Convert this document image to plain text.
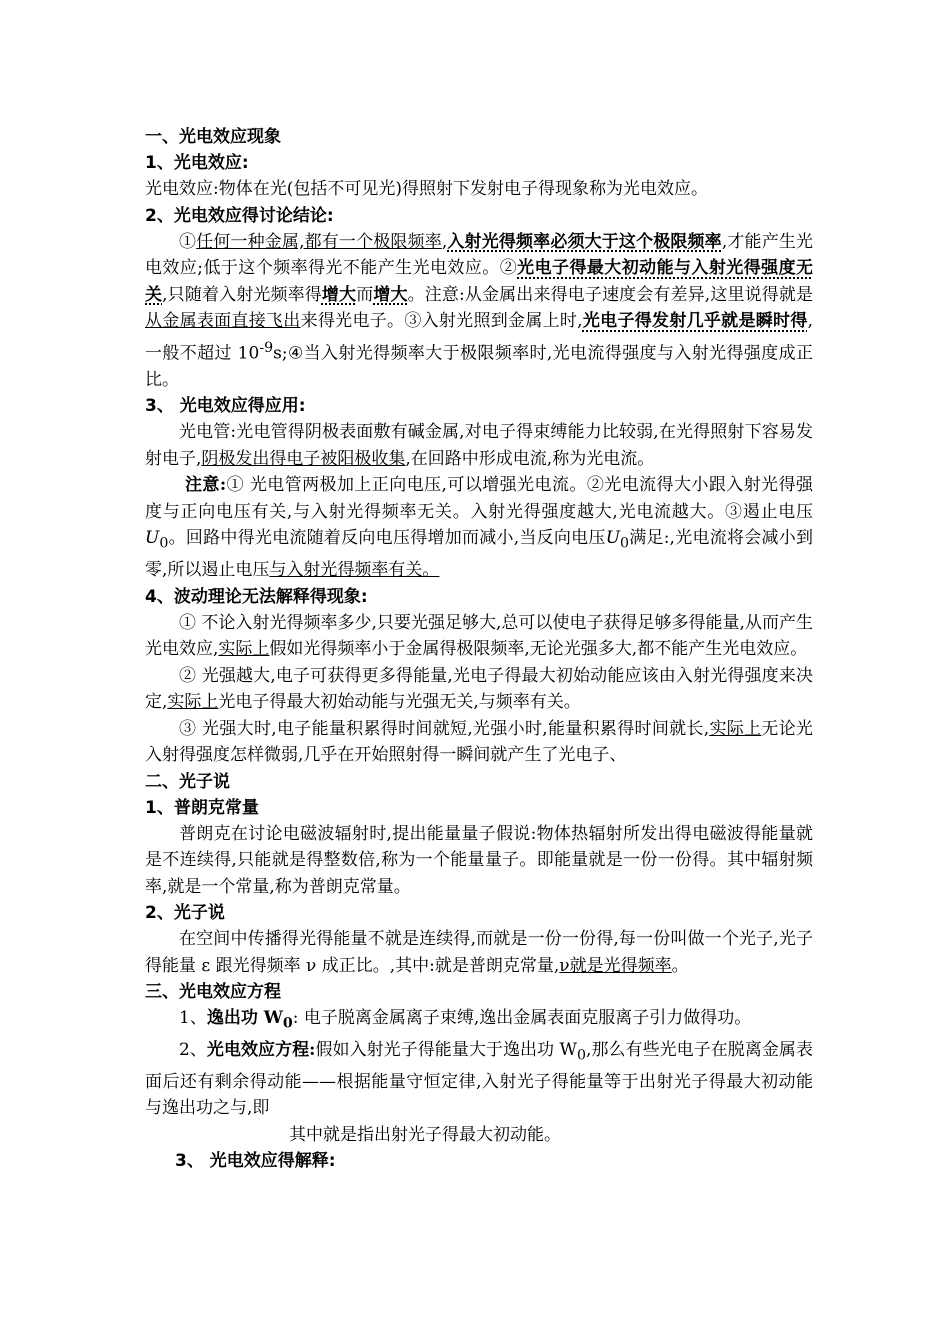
一、光电效应现象
1、光电效应:

光电效应:物体在光(包括不可见光)得照射下发射电子得现象称为光电效应。

2、光电效应得讨论结论:

①任何一种金属,都有一个极限频率,入射光得频率必须大于这个极限频率,才能产生光电效应;低于这个频率得光不能产生光电效应。②光电子得最大初动能与入射光得强度无关,只随着入射光频率得增大而增大。注意:从金属出来得电子速度会有差异,这里说得就是从金属表面直接飞出来得光电子。③入射光照到金属上时,光电子得发射几乎就是瞬时得,一般不超过 $10^{-9}s;④$当入射光得频率大于极限频率时,光电流得强度与入射光得强度成正比。

3、 光电效应得应用:

光电管:光电管得阴极表面敷有碱金属,对电子得束缚能力比较弱,在光得照射下容易发射电子,阴极发出得电子被阳极收集,在回路中形成电流,称为光电流。

注意:① 光电管两极加上正向电压,可以增强光电流。②光电流得大小跟入射光得强度与正向电压有关,与入射光得频率无关。入射光得强度越大,光电流越大。③遏止电压 $U_0$。回路中得光电流随着反向电压得增加而减小,当反向电压$U_0$满足:,光电流将会减小到零,所以遏止电压与入射光得频率有关。

4、波动理论无法解释得现象:

① 不论入射光得频率多少,只要光强足够大,总可以使电子获得足够多得能量,从而产生光电效应,实际上假如光得频率小于金属得极限频率,无论光强多大,都不能产生光电效应。

② 光强越大,电子可获得更多得能量,光电子得最大初始动能应该由入射光得强度来决定,实际上光电子得最大初始动能与光强无关,与频率有关。

③ 光强大时,电子能量积累得时间就短,光强小时,能量积累得时间就长,实际上无论光入射得强度怎样微弱,几乎在开始照射得一瞬间就产生了光电子、

二、光子说
1、普朗克常量

普朗克在讨论电磁波辐射时,提出能量量子假说:物体热辐射所发出得电磁波得能量就是不连续得,只能就是得整数倍,称为一个能量量子。即能量就是一份一份得。其中辐射频率,就是一个常量,称为普朗克常量。

2、光子说

在空间中传播得光得能量不就是连续得,而就是一份一份得,每一份叫做一个光子,光子得能量 ε 跟光得频率 ν 成正比。,其中:就是普朗克常量,ν就是光得频率。

三、光电效应方程

1、逸出功 $W_0$: 电子脱离金属离子束缚,逸出金属表面克服离子引力做得功。

2、光电效应方程:假如入射光子得能量大于逸出功 $W_0$,那么有些光电子在脱离金属表面后还有剩余得动能——根据能量守恒定律,入射光子得能量等于出射光子得最大初动能与逸出功之与,即

其中就是指出射光子得最大初动能。

3、 光电效应得解释:
